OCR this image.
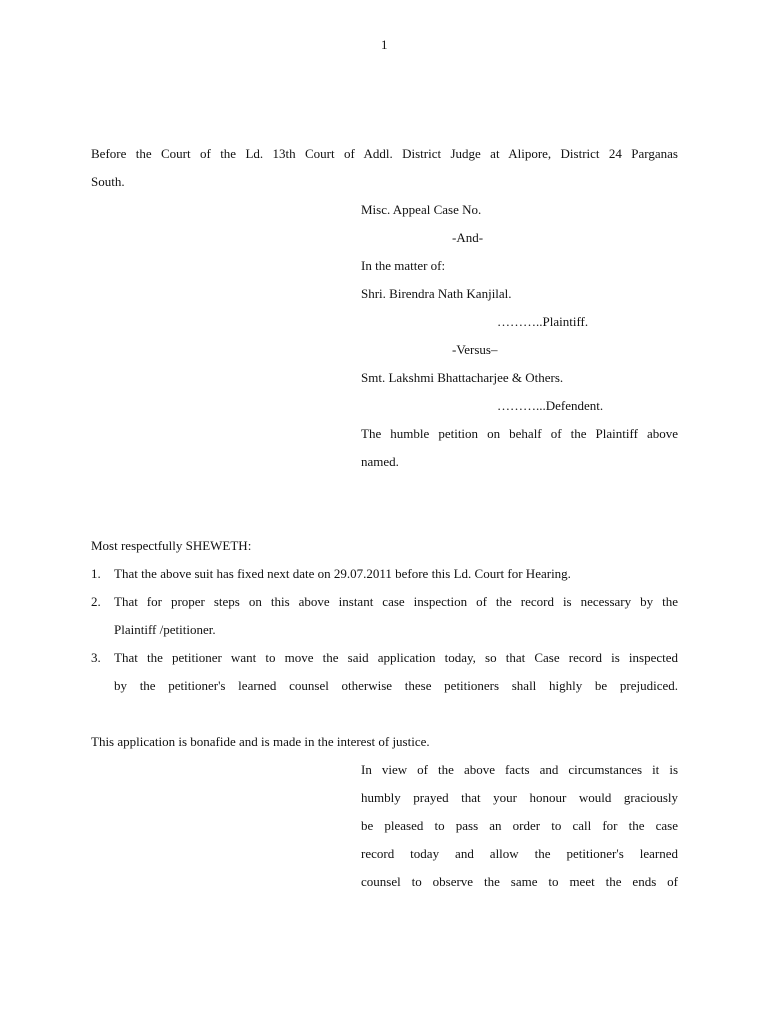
1
Before the Court of the Ld. 13th Court of Addl. District Judge at Alipore, District 24 Parganas
South.
Misc. Appeal Case No.
-And-
In the matter of:
Shri. Birendra Nath Kanjilal.
………..Plaintiff.
-Versus–
Smt. Lakshmi Bhattacharjee & Others.
………...Defendent.
The humble petition on behalf of the Plaintiff above
named.
Most respectfully SHEWETH:
1. That the above suit has fixed next date on 29.07.2011 before this Ld. Court for Hearing.
2. That for proper steps on this above instant case inspection of the record is necessary by the
Plaintiff /petitioner.
3. That the petitioner want to move the said application today, so that Case record is inspected
by the petitioner's learned counsel otherwise these petitioners shall highly be prejudiced.
This application is bonafide and is made in the interest of justice.
In view of the above facts and circumstances it is
humbly prayed that your honour would graciously
be pleased to pass an order to call for the case
record today and allow the petitioner's learned
counsel to observe the same to meet the ends of
